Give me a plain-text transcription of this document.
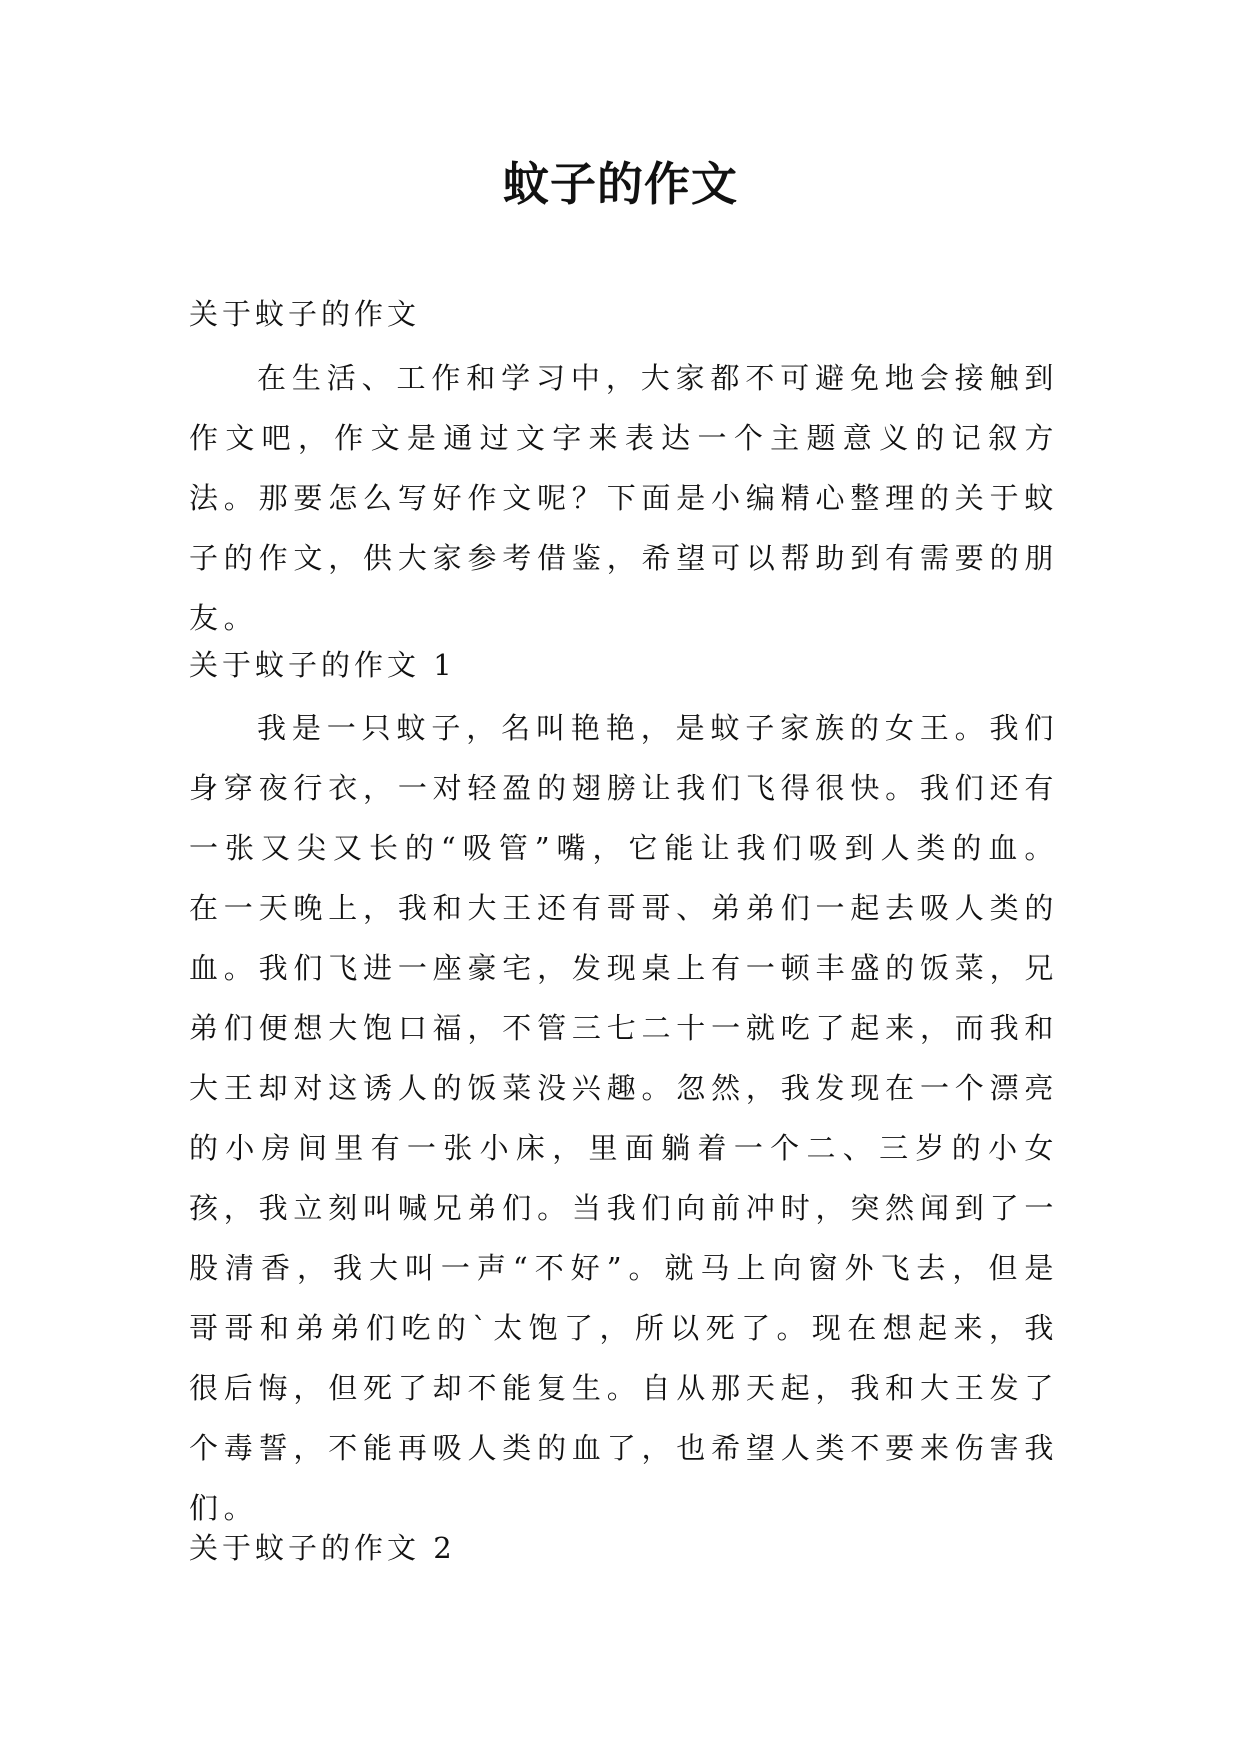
蚊子的作文

关于蚊子的作文

在生活、工作和学习中，大家都不可避免地会接触到作文吧，作文是通过文字来表达一个主题意义的记叙方法。那要怎么写好作文呢？下面是小编精心整理的关于蚊子的作文，供大家参考借鉴，希望可以帮助到有需要的朋友。

关于蚊子的作文 1

我是一只蚊子，名叫艳艳，是蚊子家族的女王。我们身穿夜行衣，一对轻盈的翅膀让我们飞得很快。我们还有一张又尖又长的“吸管”嘴，它能让我们吸到人类的血。在一天晚上，我和大王还有哥哥、弟弟们一起去吸人类的血。我们飞进一座豪宅，发现桌上有一顿丰盛的饭菜，兄弟们便想大饱口福，不管三七二十一就吃了起来，而我和大王却对这诱人的饭菜没兴趣。忽然，我发现在一个漂亮的小房间里有一张小床，里面躺着一个二、三岁的小女孩，我立刻叫喊兄弟们。当我们向前冲时，突然闻到了一股清香，我大叫一声“不好”。就马上向窗外飞去，但是哥哥和弟弟们吃的`太饱了，所以死了。现在想起来，我很后悔，但死了却不能复生。自从那天起，我和大王发了个毒誓，不能再吸人类的血了，也希望人类不要来伤害我们。

关于蚊子的作文 2
